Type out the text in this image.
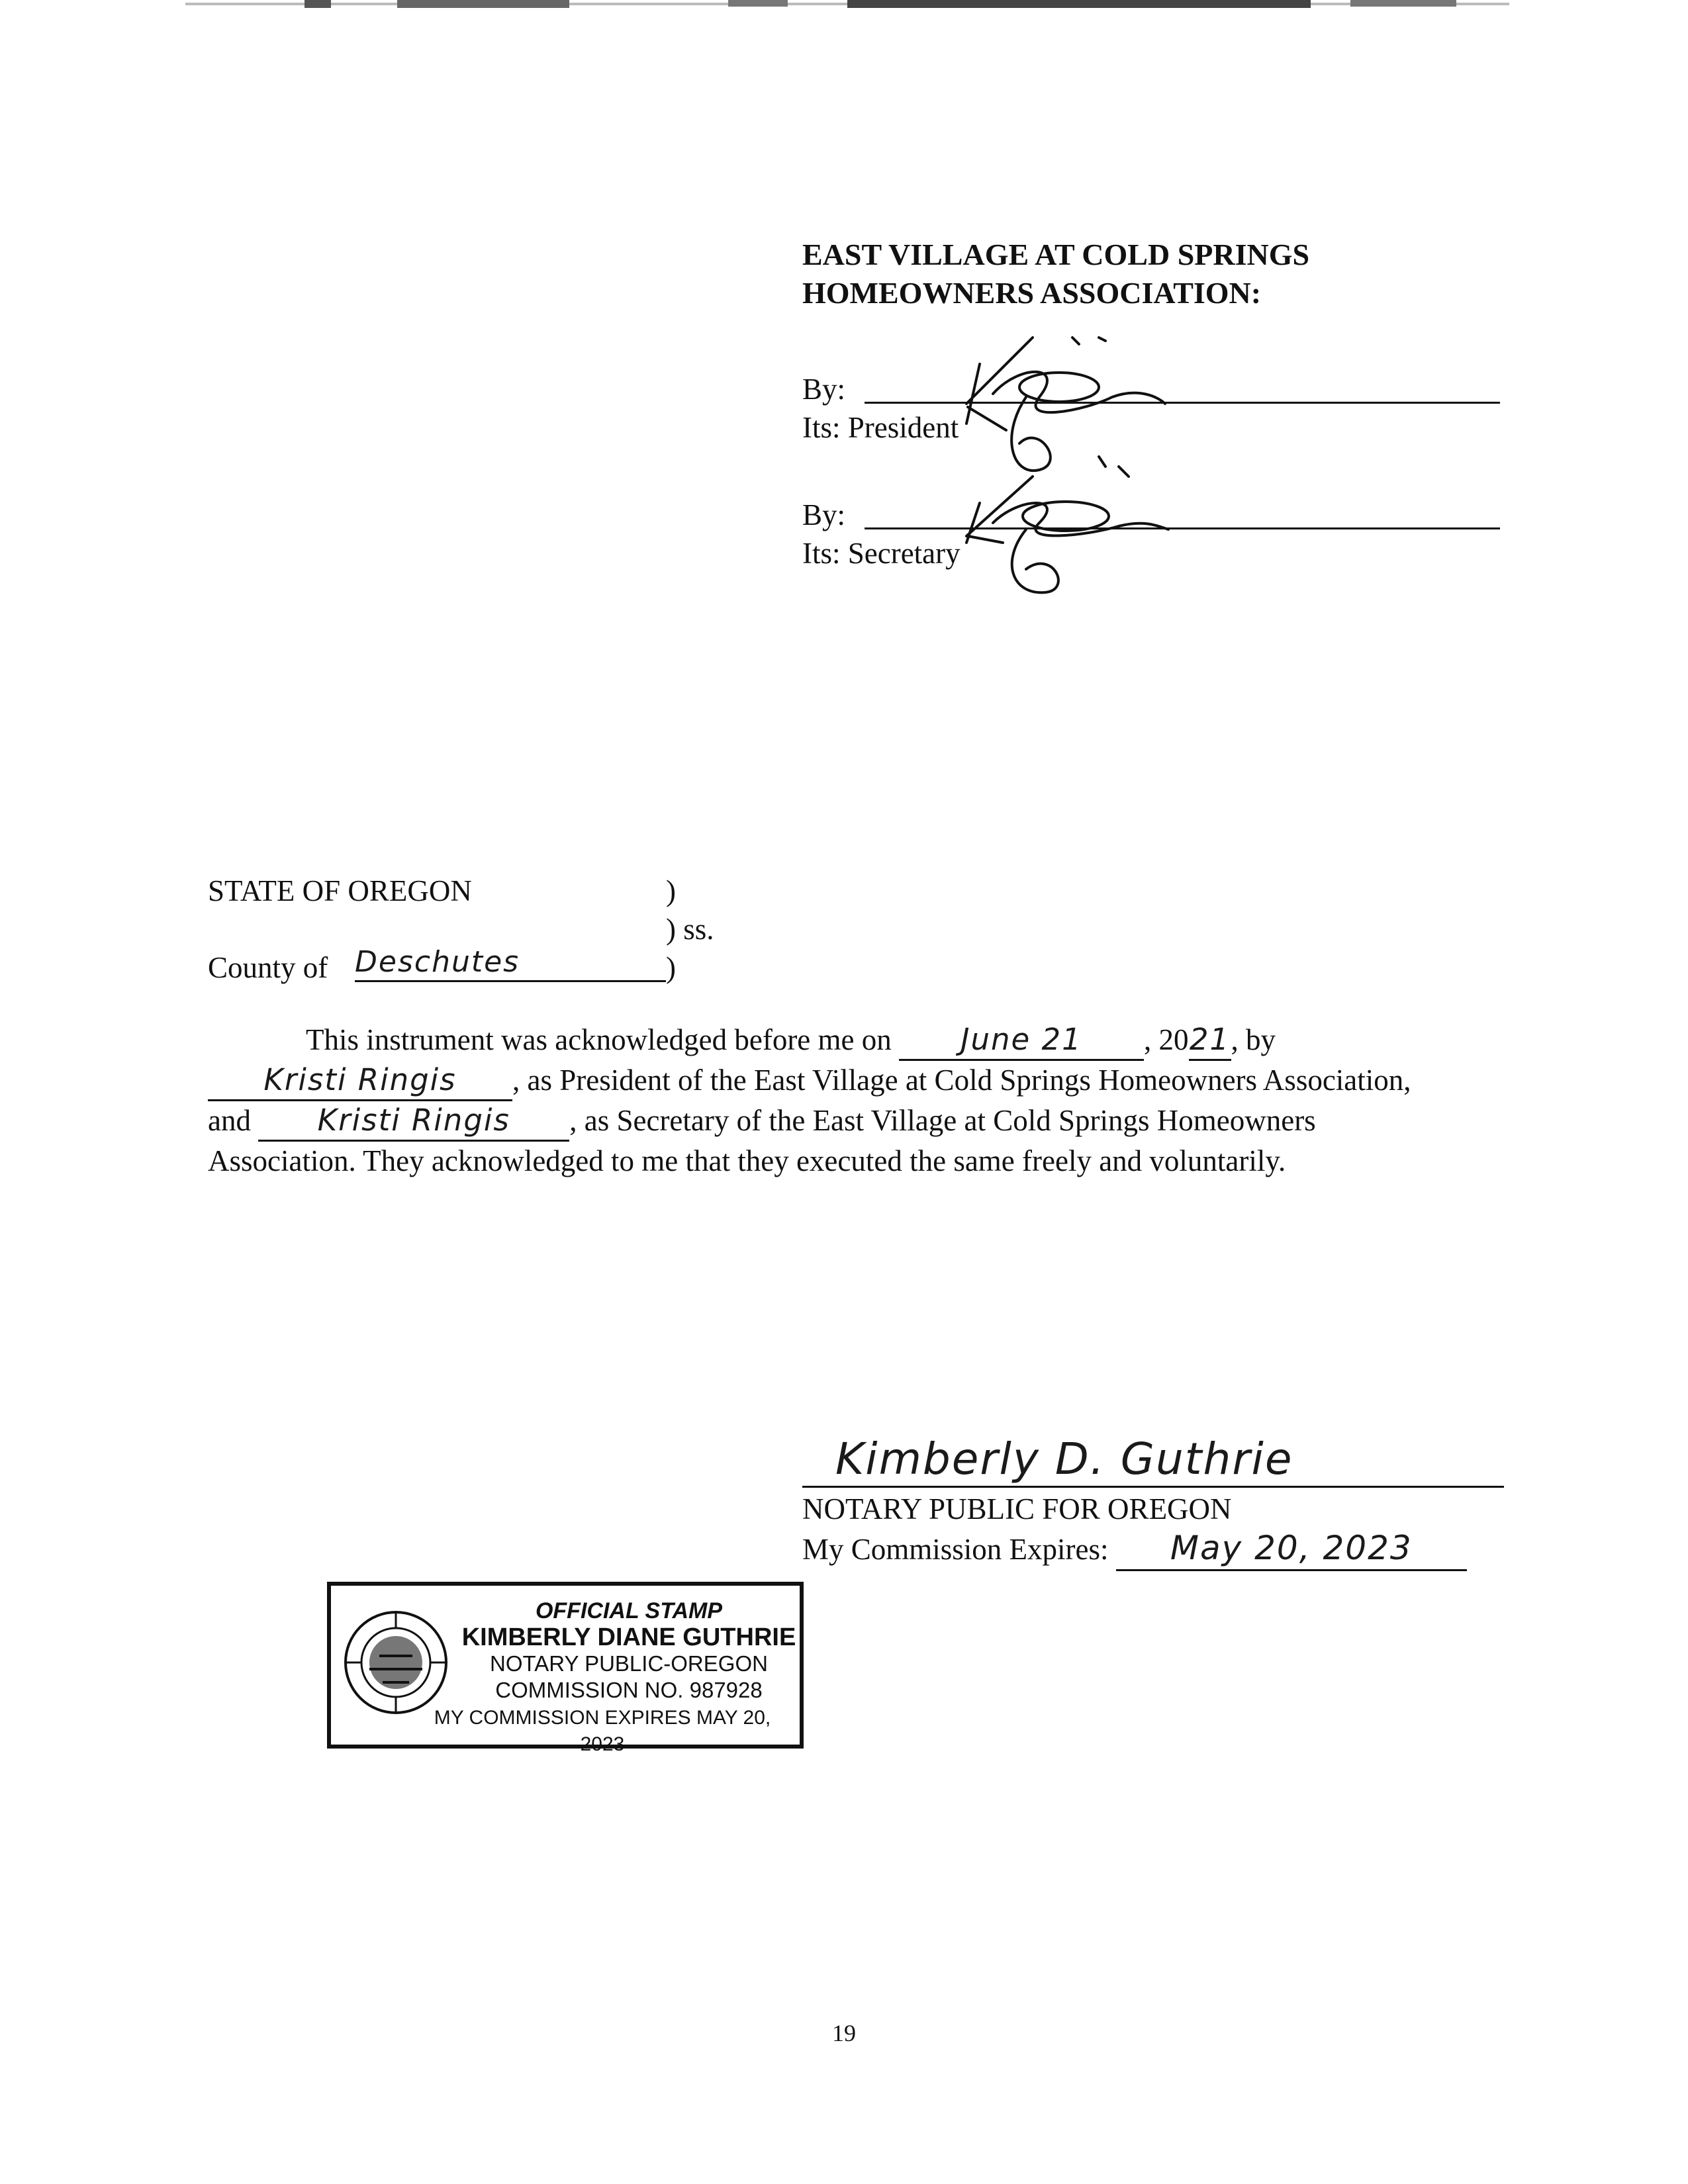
EAST VILLAGE AT COLD SPRINGS
HOMEOWNERS ASSOCIATION:
By:
Its: President
By:
Its: Secretary
STATE OF OREGON	)
) ss.
County of Deschutes	)
This instrument was acknowledged before me on June 21 , 2021, by Kristi Ringis , as President of the East Village at Cold Springs Homeowners Association, and Kristi Ringis , as Secretary of the East Village at Cold Springs Homeowners Association. They acknowledged to me that they executed the same freely and voluntarily.
Kimberly D. Guthrie
NOTARY PUBLIC FOR OREGON
My Commission Expires: May 20, 2023
OFFICIAL STAMP
KIMBERLY DIANE GUTHRIE
NOTARY PUBLIC-OREGON
COMMISSION NO. 987928
MY COMMISSION EXPIRES MAY 20, 2023
19
